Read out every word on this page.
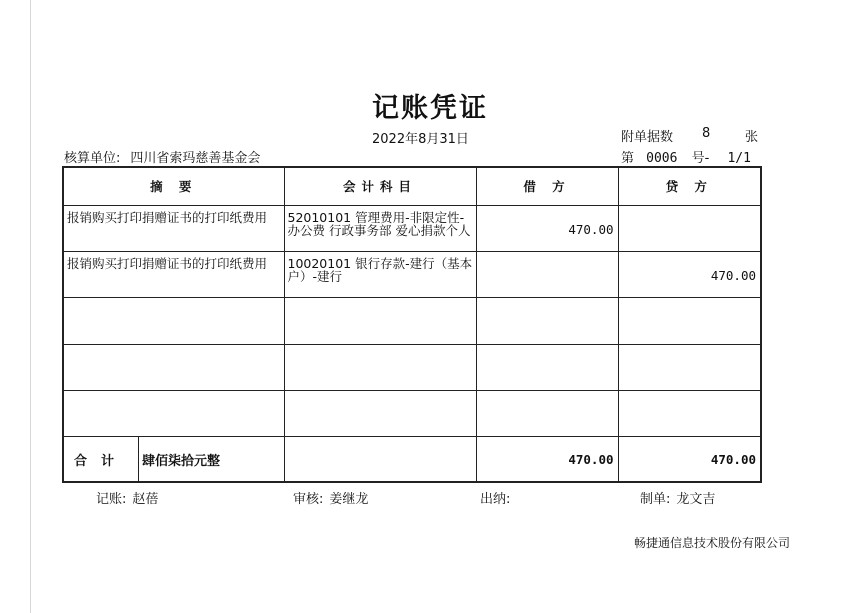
记账凭证
2022年8月31日	附单据数 8	张
核算单位: 四川省索玛慈善基金会	第 0006 号- 1/1
摘 要	会计科目	借 方	贷 方

报销购买打印捐赠证书的打印纸费用	52010101 管理费用-非限定性-办公费 行政事务部 爱心捐款个人	470.00	

报销购买打印捐赠证书的打印纸费用	10020101 银行存款-建行（基本户）-建行		470.00

合计 肆佰柒拾元整		470.00	470.00
记账: 赵蓓	审核: 姜继龙	出纳:	制单: 龙文吉
畅捷通信息技术股份有限公司
